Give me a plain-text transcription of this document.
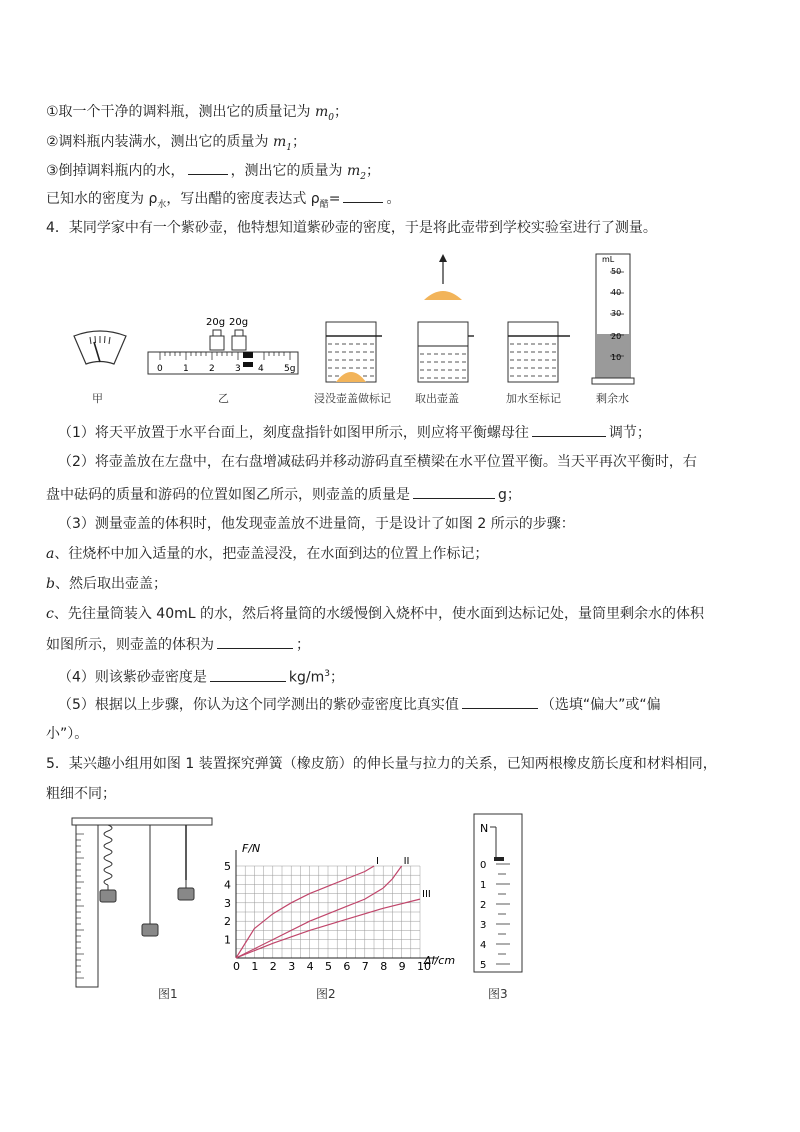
①取一个干净的调料瓶，测出它的质量记为 $m_0$；
②调料瓶内装满水，测出它的质量为 $m_1$；
③倒掉调料瓶内的水，	，测出它的质量为 $m_2$；
已知水的密度为 $\rho_水$，写出醋的密度表达式 $\rho_醋=$	。
4．某同学家中有一个紫砂壶，他特想知道紫砂壶的密度，于是将此壶带到学校实验室进行了测量。
甲
20g 20g
0 1 2 3 4 5g
乙	浸没壶盖做标记 取出壶盖	加水至标记
mL
50
40
30
20
10
剩余水
（1）将天平放置于水平台面上，刻度盘指针如图甲所示，则应将平衡螺母往	调节；
（2）将壶盖放在左盘中，在右盘增减砝码并移动游码直至横梁在水平位置平衡。当天平再次平衡时，右
盘中砝码的质量和游码的位置如图乙所示，则壶盖的质量是	g；
（3）测量壶盖的体积时，他发现壶盖放不进量筒，于是设计了如图 2 所示的步骤：
a、往烧杯中加入适量的水，把壶盖浸没，在水面到达的位置上作标记；
b、然后取出壶盖；
c、先往量筒装入 40mL 的水，然后将量筒的水缓慢倒入烧杯中，使水面到达标记处，量筒里剩余水的体积
如图所示，则壶盖的体积为	；
（4）则该紫砂壶密度是	$kg/m^3$；
（5）根据以上步骤，你认为这个同学测出的紫砂壶密度比真实值	（选填“偏大”或“偏
小”）。
5．某兴趣小组用如图 1 装置探究弹簧（橡皮筋）的伸长量与拉力的关系，已知两根橡皮筋长度和材料相同，
粗细不同；
图1
0 1 2 3 4 5 6 7 8 9 10
1
2
3
4
5	I II
III
F/N
Δl/cm
图2
N
0
1
2
3
4
5
图3
